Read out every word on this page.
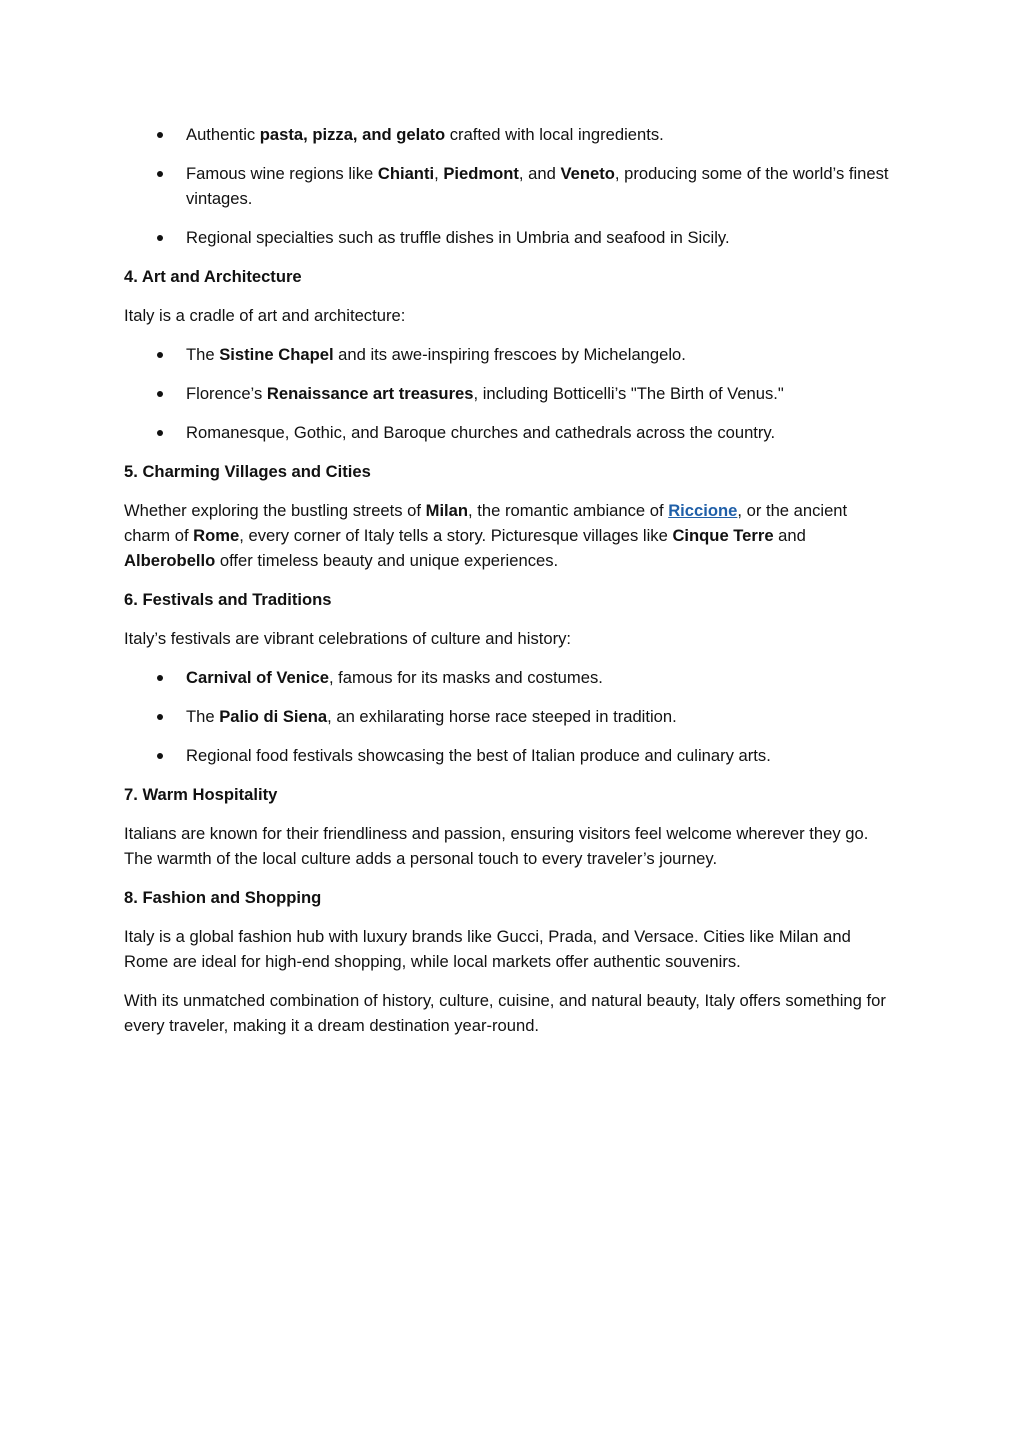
Authentic pasta, pizza, and gelato crafted with local ingredients.
Famous wine regions like Chianti, Piedmont, and Veneto, producing some of the world’s finest vintages.
Regional specialties such as truffle dishes in Umbria and seafood in Sicily.
4. Art and Architecture
Italy is a cradle of art and architecture:
The Sistine Chapel and its awe-inspiring frescoes by Michelangelo.
Florence’s Renaissance art treasures, including Botticelli’s "The Birth of Venus."
Romanesque, Gothic, and Baroque churches and cathedrals across the country.
5. Charming Villages and Cities
Whether exploring the bustling streets of Milan, the romantic ambiance of Riccione, or the ancient charm of Rome, every corner of Italy tells a story. Picturesque villages like Cinque Terre and Alberobello offer timeless beauty and unique experiences.
6. Festivals and Traditions
Italy’s festivals are vibrant celebrations of culture and history:
Carnival of Venice, famous for its masks and costumes.
The Palio di Siena, an exhilarating horse race steeped in tradition.
Regional food festivals showcasing the best of Italian produce and culinary arts.
7. Warm Hospitality
Italians are known for their friendliness and passion, ensuring visitors feel welcome wherever they go. The warmth of the local culture adds a personal touch to every traveler’s journey.
8. Fashion and Shopping
Italy is a global fashion hub with luxury brands like Gucci, Prada, and Versace. Cities like Milan and Rome are ideal for high-end shopping, while local markets offer authentic souvenirs.
With its unmatched combination of history, culture, cuisine, and natural beauty, Italy offers something for every traveler, making it a dream destination year-round.
